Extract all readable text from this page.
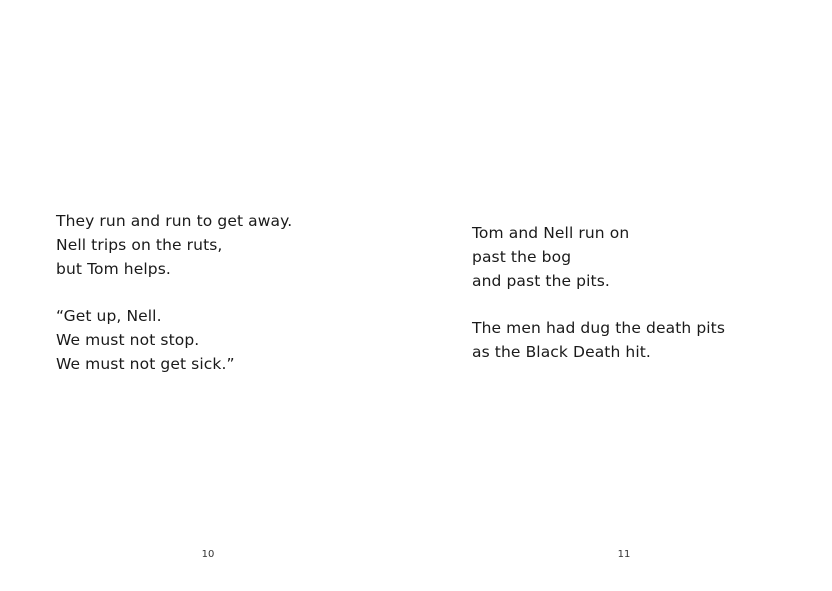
They run and run to get away.
Nell trips on the ruts,
but Tom helps.
“Get up, Nell.
We must not stop.
We must not get sick.”
10
Tom and Nell run on
past the bog
and past the pits.
The men had dug the death pits
as the Black Death hit.
11
